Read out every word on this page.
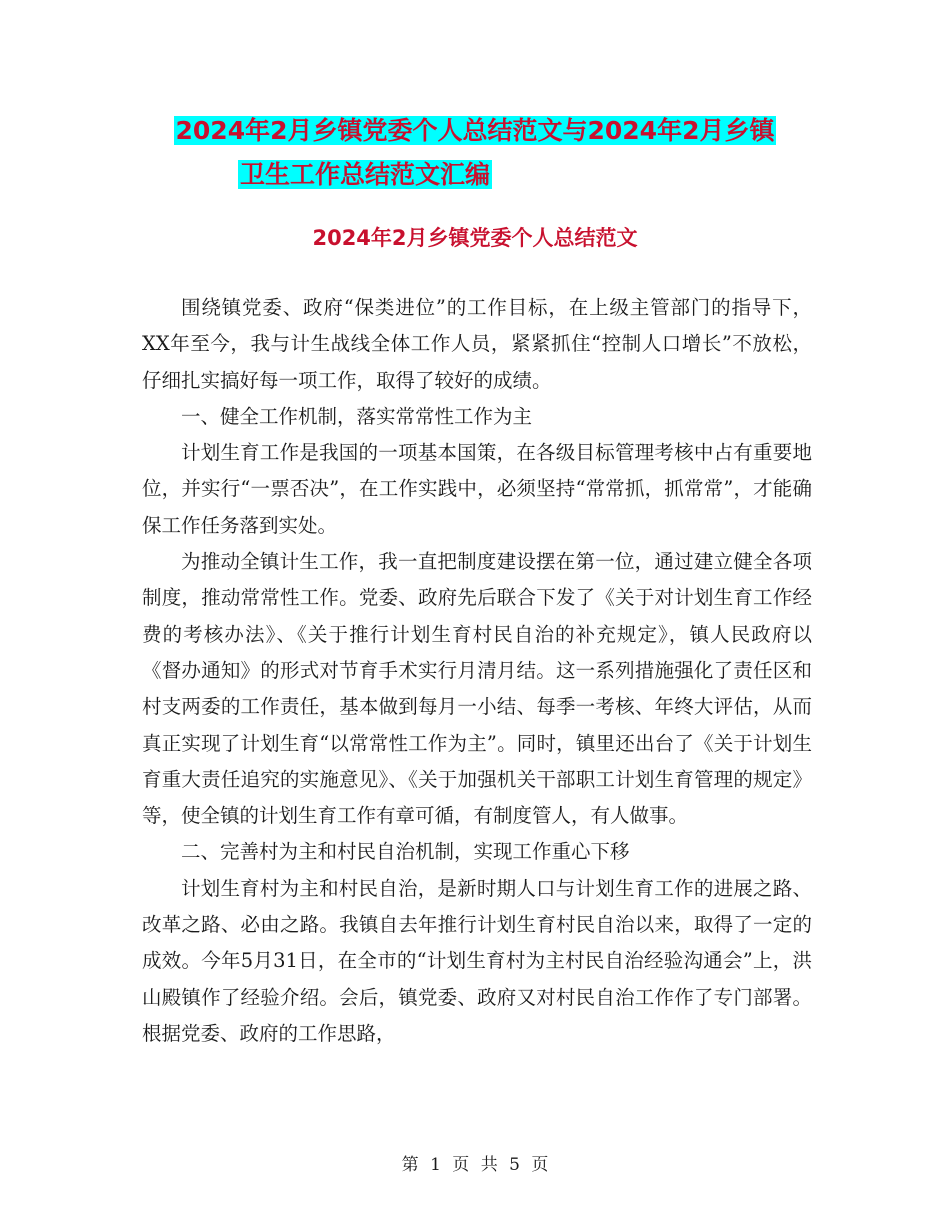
2024年2月乡镇党委个人总结范文与2024年2月乡镇
卫生工作总结范文汇编
2024年2月乡镇党委个人总结范文

围绕镇党委、政府“保类进位”的工作目标，在上级主管部门的指导下，XX年至今，我与计生战线全体工作人员，紧紧抓住“控制人口增长”不放松，仔细扎实搞好每一项工作，取得了较好的成绩。

一、健全工作机制，落实常常性工作为主

计划生育工作是我国的一项基本国策，在各级目标管理考核中占有重要地位，并实行“一票否决”，在工作实践中，必须坚持“常常抓，抓常常”，才能确保工作任务落到实处。

为推动全镇计生工作，我一直把制度建设摆在第一位，通过建立健全各项制度，推动常常性工作。党委、政府先后联合下发了《关于对计划生育工作经费的考核办法》、《关于推行计划生育村民自治的补充规定》，镇人民政府以《督办通知》的形式对节育手术实行月清月结。这一系列措施强化了责任区和村支两委的工作责任，基本做到每月一小结、每季一考核、年终大评估，从而真正实现了计划生育“以常常性工作为主”。同时，镇里还出台了《关于计划生育重大责任追究的实施意见》、《关于加强机关干部职工计划生育管理的规定》等，使全镇的计划生育工作有章可循，有制度管人，有人做事。

二、完善村为主和村民自治机制，实现工作重心下移

计划生育村为主和村民自治，是新时期人口与计划生育工作的进展之路、改革之路、必由之路。我镇自去年推行计划生育村民自治以来，取得了一定的成效。今年5月31日，在全市的“计划生育村为主村民自治经验沟通会”上，洪山殿镇作了经验介绍。会后，镇党委、政府又对村民自治工作作了专门部署。根据党委、政府的工作思路，

第 1 页 共 5 页
